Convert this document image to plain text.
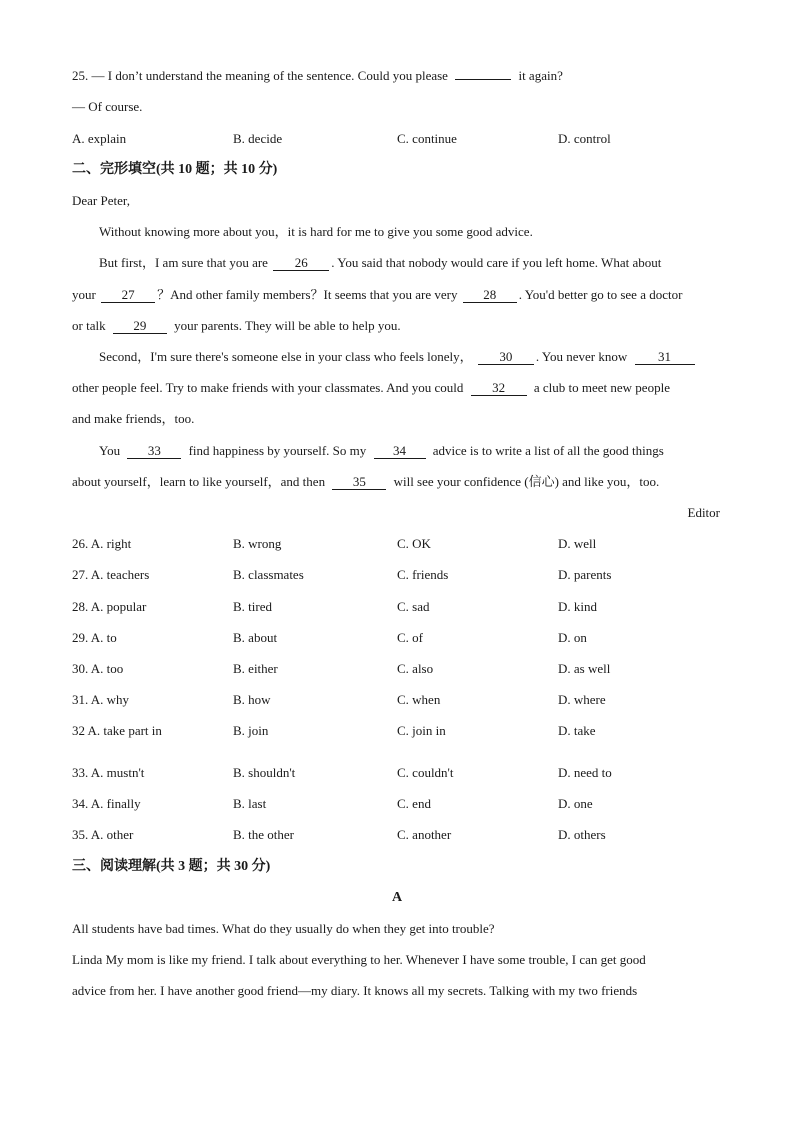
25. — I don’t understand the meaning of the sentence. Could you please	it again?
— Of course.
A. explain	B. decide	C. continue	D. control
二、完形填空(共 10 题；共 10 分)
Dear Peter,
Without knowing more about you，it is hard for me to give you some good advice.
But first，I am sure that you are 26 . You said that nobody would care if you left home. What about
your 27 ？And other family members？It seems that you are very 28 . You'd better go to see a doctor
or talk 29 your parents. They will be able to help you.
Second，I'm sure there's someone else in your class who feels lonely， 30 . You never know 31
other people feel. Try to make friends with your classmates. And you could 32 a club to meet new people
and make friends，too.
You 33 find happiness by yourself. So my 34 advice is to write a list of all the good things
about yourself，learn to like yourself，and then 35 will see your confidence (信心) and like you，too.
Editor
26. A. right	B. wrong	C. OK	D. well
27. A. teachers	B. classmates	C. friends	D. parents
28. A. popular	B. tired	C. sad	D. kind
29. A. to	B. about	C. of	D. on
30. A. too	B. either	C. also	D. as well
31. A. why	B. how	C. when	D. where
32 A. take part in	B. join	C. join in	D. take
33. A. mustn't	B. shouldn't	C. couldn't	D. need to
34. A. finally	B. last	C. end	D. one
35. A. other	B. the other	C. another	D. others
三、阅读理解(共 3 题；共 30 分)
A
All students have bad times. What do they usually do when they get into trouble?
Linda My mom is like my friend. I talk about everything to her. Whenever I have some trouble, I can get good
advice from her. I have another good friend—my diary. It knows all my secrets. Talking with my two friends
